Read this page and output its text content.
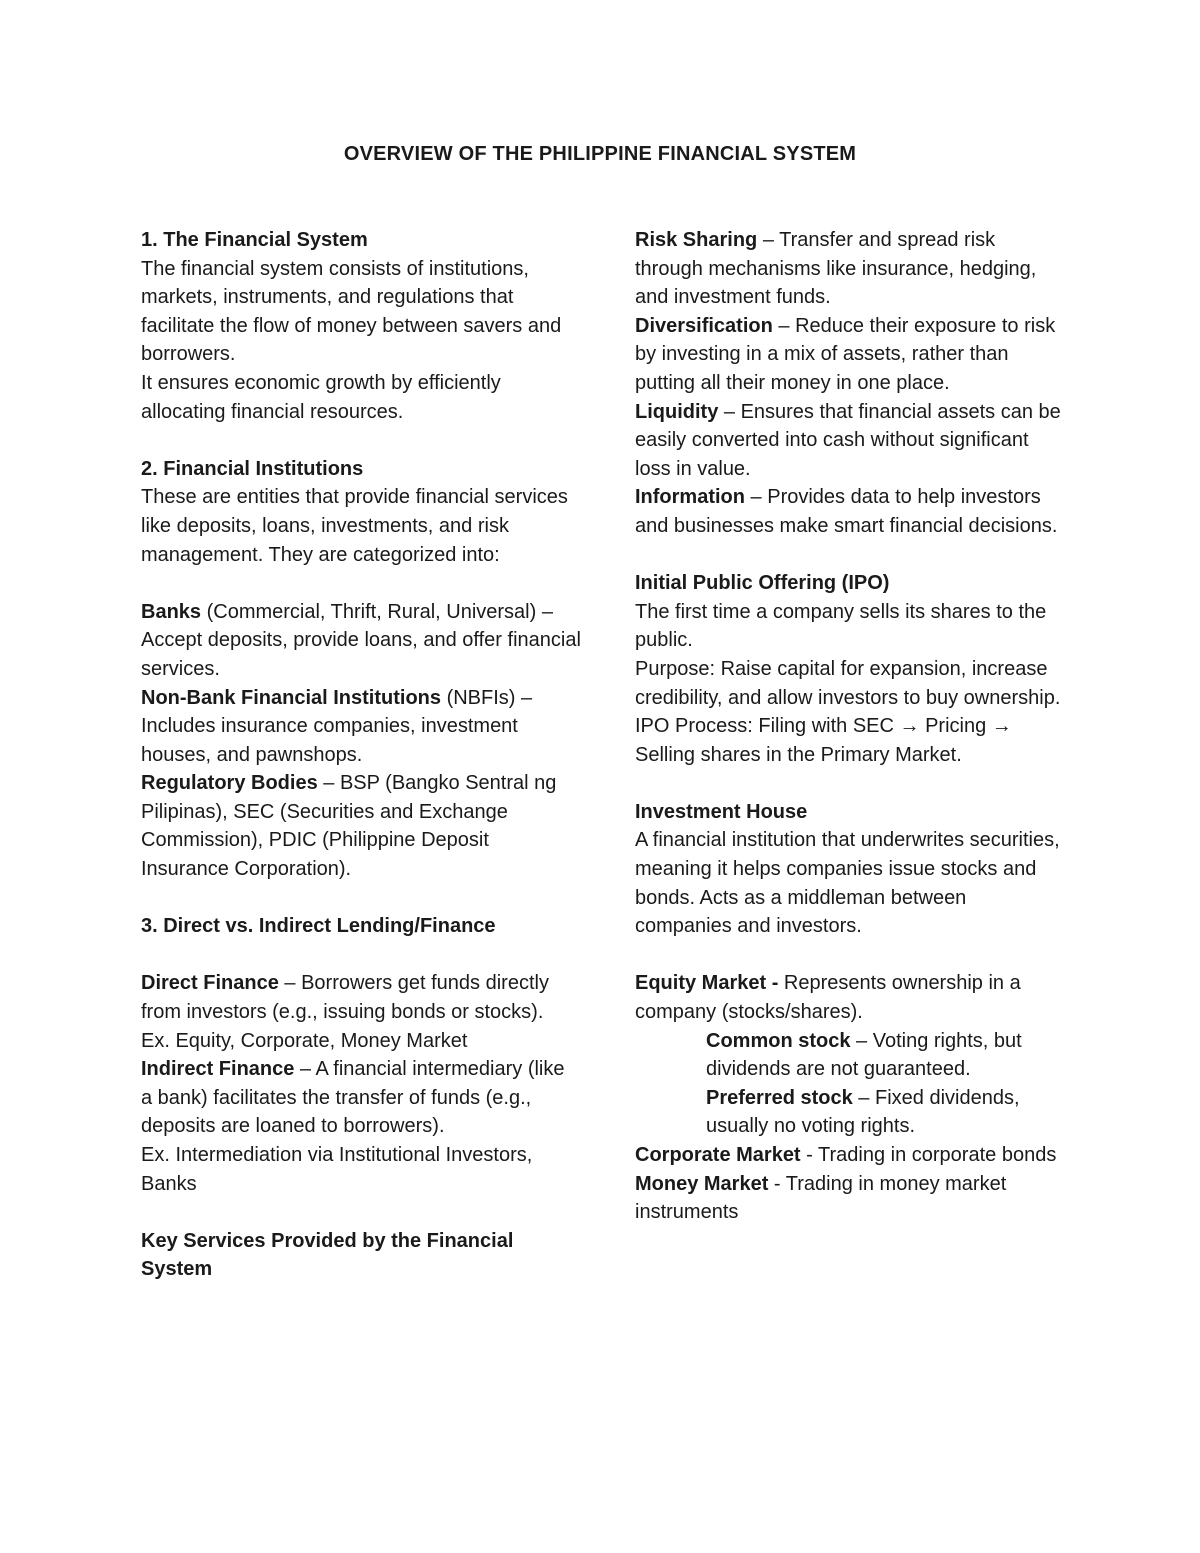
OVERVIEW OF THE PHILIPPINE FINANCIAL SYSTEM

1. The Financial System

The financial system consists of institutions, markets, instruments, and regulations that facilitate the flow of money between savers and borrowers.

It ensures economic growth by efficiently allocating financial resources.

2. Financial Institutions

These are entities that provide financial services like deposits, loans, investments, and risk management. They are categorized into:

Banks (Commercial, Thrift, Rural, Universal) – Accept deposits, provide loans, and offer financial services.

Non-Bank Financial Institutions (NBFIs) – Includes insurance companies, investment houses, and pawnshops.

Regulatory Bodies – BSP (Bangko Sentral ng Pilipinas), SEC (Securities and Exchange Commission), PDIC (Philippine Deposit Insurance Corporation).

3. Direct vs. Indirect Lending/Finance

Direct Finance – Borrowers get funds directly from investors (e.g., issuing bonds or stocks).

Ex. Equity, Corporate, Money Market

Indirect Finance – A financial intermediary (like a bank) facilitates the transfer of funds (e.g., deposits are loaned to borrowers).

Ex. Intermediation via Institutional Investors, Banks

Key Services Provided by the Financial System

Risk Sharing – Transfer and spread risk through mechanisms like insurance, hedging, and investment funds.

Diversification – Reduce their exposure to risk by investing in a mix of assets, rather than putting all their money in one place.

Liquidity – Ensures that financial assets can be easily converted into cash without significant loss in value.

Information – Provides data to help investors and businesses make smart financial decisions.

Initial Public Offering (IPO)

The first time a company sells its shares to the public.

Purpose: Raise capital for expansion, increase credibility, and allow investors to buy ownership.

IPO Process: Filing with SEC → Pricing → Selling shares in the Primary Market.

Investment House

A financial institution that underwrites securities, meaning it helps companies issue stocks and bonds. Acts as a middleman between companies and investors.

Equity Market - Represents ownership in a company (stocks/shares).

Common stock – Voting rights, but dividends are not guaranteed.

Preferred stock – Fixed dividends, usually no voting rights.

Corporate Market - Trading in corporate bonds

Money Market - Trading in money market instruments
